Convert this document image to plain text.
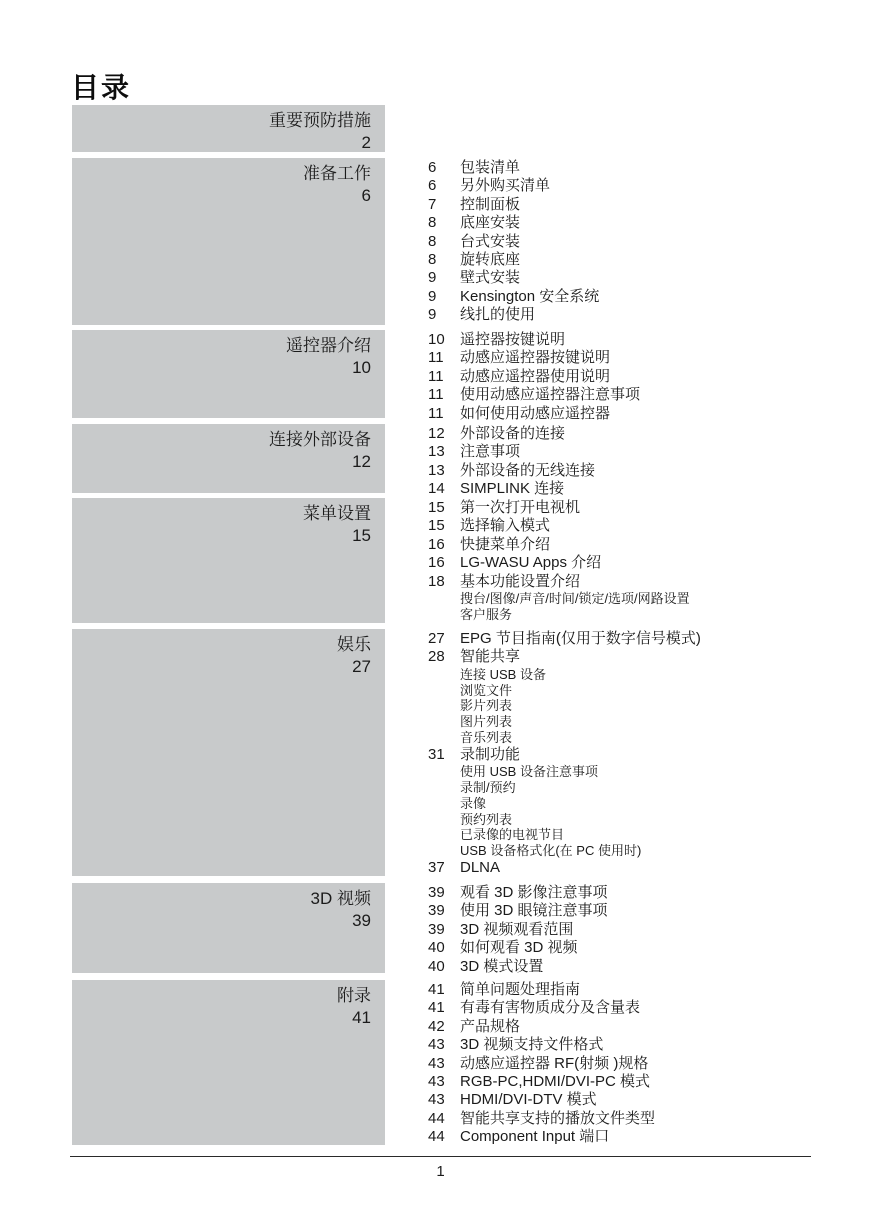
目录
重要预防措施
2
准备工作
6
6	包装清单
6	另外购买清单
7	控制面板
8	底座安装
8	台式安装
8	旋转底座
9	壁式安装
9	Kensington 安全系统
9	线扎的使用
遥控器介绍
10
10	遥控器按键说明
11	动感应遥控器按键说明
11	动感应遥控器使用说明
11	使用动感应遥控器注意事项
11	如何使用动感应遥控器
连接外部设备
12
12	外部设备的连接
13	注意事项
13	外部设备的无线连接
14	SIMPLINK 连接
菜单设置
15
15	第一次打开电视机
15	选择输入模式
16	快捷菜单介绍
16	LG-WASU Apps 介绍
18	基本功能设置介绍
搜台/图像/声音/时间/锁定/选项/网路设置
客户服务
娱乐
27
27	EPG 节目指南(仅用于数字信号模式)
28	智能共享
连接 USB 设备
浏览文件
影片列表
图片列表
音乐列表
31	录制功能
使用 USB 设备注意事项
录制/预约
录像
预约列表
已录像的电视节目
USB 设备格式化(在 PC 使用时)
37	DLNA
3D 视频
39
39	观看 3D 影像注意事项
39	使用 3D 眼镜注意事项
39	3D 视频观看范围
40	如何观看 3D 视频
40	3D 模式设置
附录
41
41	简单问题处理指南
41	有毒有害物质成分及含量表
42	产品规格
43	3D 视频支持文件格式
43	动感应遥控器 RF(射频 )规格
43	RGB-PC,HDMI/DVI-PC 模式
43	HDMI/DVI-DTV 模式
44	智能共享支持的播放文件类型
44	Component Input 端口
1
